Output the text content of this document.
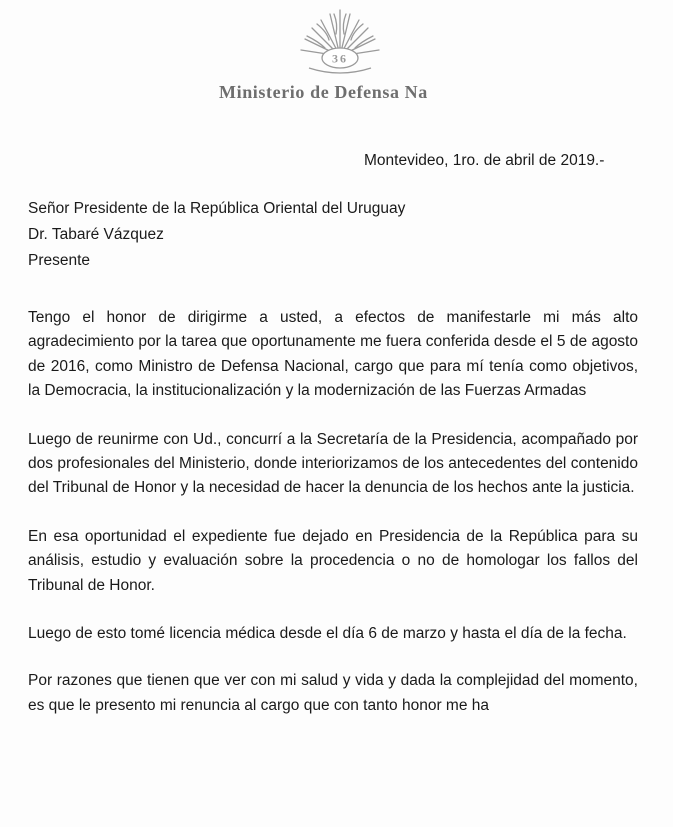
36
Ministerio de Defensa Na
Montevideo, 1ro. de abril de 2019.-
Señor Presidente de la República Oriental del Uruguay
Dr. Tabaré Vázquez
Presente

Tengo el honor de dirigirme a usted, a efectos de manifestarle mi más alto agradecimiento por la tarea que oportunamente me fuera conferida desde el 5 de agosto de 2016, como Ministro de Defensa Nacional, cargo que para mí tenía como objetivos, la Democracia, la institucionalización y la modernización de las Fuerzas Armadas

Luego de reunirme con Ud., concurrí a la Secretaría de la Presidencia, acompañado por dos profesionales del Ministerio, donde interiorizamos de los antecedentes del contenido del Tribunal de Honor y la necesidad de hacer la denuncia de los hechos ante la justicia.

En esa oportunidad el expediente fue dejado en Presidencia de la República para su análisis, estudio y evaluación sobre la procedencia o no de homologar los fallos del Tribunal de Honor.

Luego de esto tomé licencia médica desde el día 6 de marzo y hasta el día de la fecha.

Por razones que tienen que ver con mi salud y vida y dada la complejidad del momento, es que le presento mi renuncia al cargo que con tanto honor me ha
